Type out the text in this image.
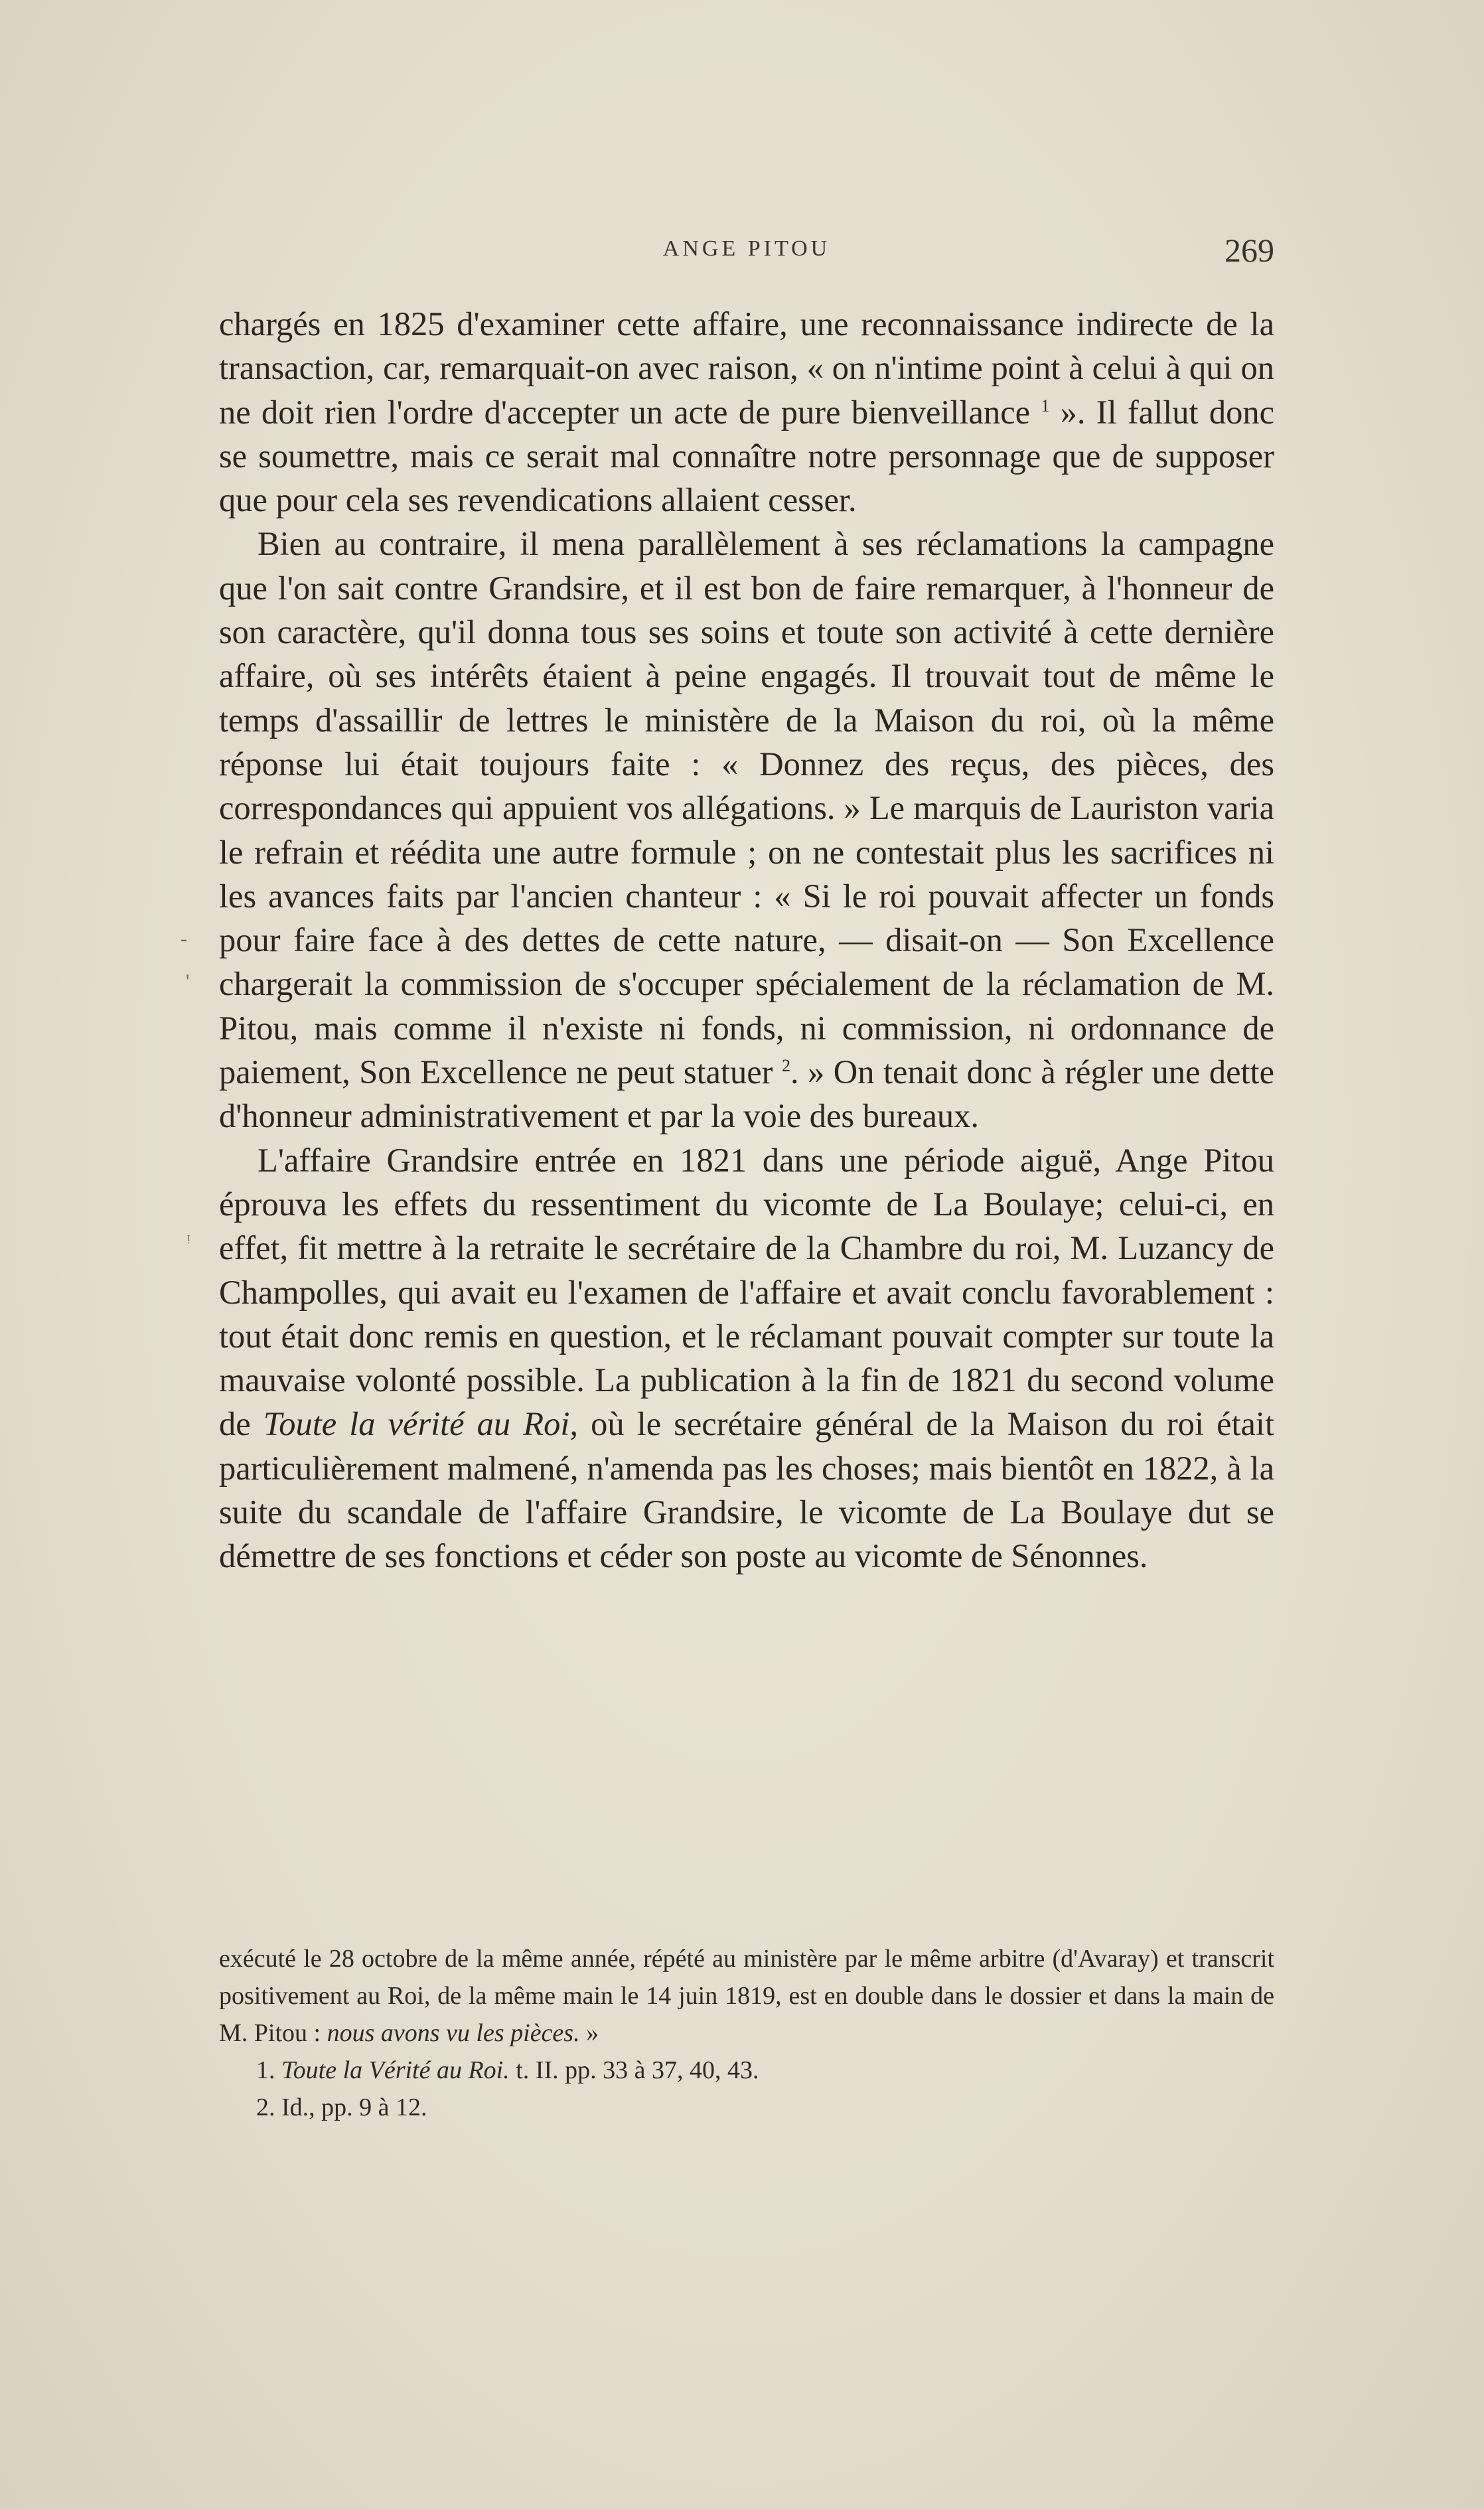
ANGE PITOU	269
-
'
ᵎ

chargés en 1825 d'examiner cette affaire, une reconnaissance indirecte de la transaction, car, remarquait-on avec raison, « on n'intime point à celui à qui on ne doit rien l'ordre d'accepter un acte de pure bienveillance $^1$ ». Il fallut donc se soumettre, mais ce serait mal connaître notre personnage que de supposer que pour cela ses revendications allaient cesser.

Bien au contraire, il mena parallèlement à ses réclamations la campagne que l'on sait contre Grandsire, et il est bon de faire remarquer, à l'honneur de son caractère, qu'il donna tous ses soins et toute son activité à cette dernière affaire, où ses intérêts étaient à peine engagés. Il trouvait tout de même le temps d'assaillir de lettres le ministère de la Maison du roi, où la même réponse lui était toujours faite : « Donnez des reçus, des pièces, des correspondances qui appuient vos allégations. » Le marquis de Lauriston varia le refrain et réédita une autre formule ; on ne contestait plus les sacrifices ni les avances faits par l'ancien chanteur : « Si le roi pouvait affecter un fonds pour faire face à des dettes de cette nature, — disait-on — Son Excellence chargerait la commission de s'occuper spécialement de la réclamation de M. Pitou, mais comme il n'existe ni fonds, ni commission, ni ordonnance de paiement, Son Excellence ne peut statuer $^2$. » On tenait donc à régler une dette d'honneur administrativement et par la voie des bureaux.

L'affaire Grandsire entrée en 1821 dans une période aiguë, Ange Pitou éprouva les effets du ressentiment du vicomte de La Boulaye; celui-ci, en effet, fit mettre à la retraite le secrétaire de la Chambre du roi, M. Luzancy de Champolles, qui avait eu l'examen de l'affaire et avait conclu favorablement : tout était donc remis en question, et le réclamant pouvait compter sur toute la mauvaise volonté possible. La publication à la fin de 1821 du second volume de Toute la vérité au Roi, où le secrétaire général de la Maison du roi était particulièrement malmené, n'amenda pas les choses; mais bientôt en 1822, à la suite du scandale de l'affaire Grandsire, le vicomte de La Boulaye dut se démettre de ses fonctions et céder son poste au vicomte de Sénonnes.

exécuté le 28 octobre de la même année, répété au ministère par le même arbitre (d'Avaray) et transcrit positivement au Roi, de la même main le 14 juin 1819, est en double dans le dossier et dans la main de M. Pitou : nous avons vu les pièces. »

1. Toute la Vérité au Roi. t. II. pp. 33 à 37, 40, 43.

2. Id., pp. 9 à 12.
